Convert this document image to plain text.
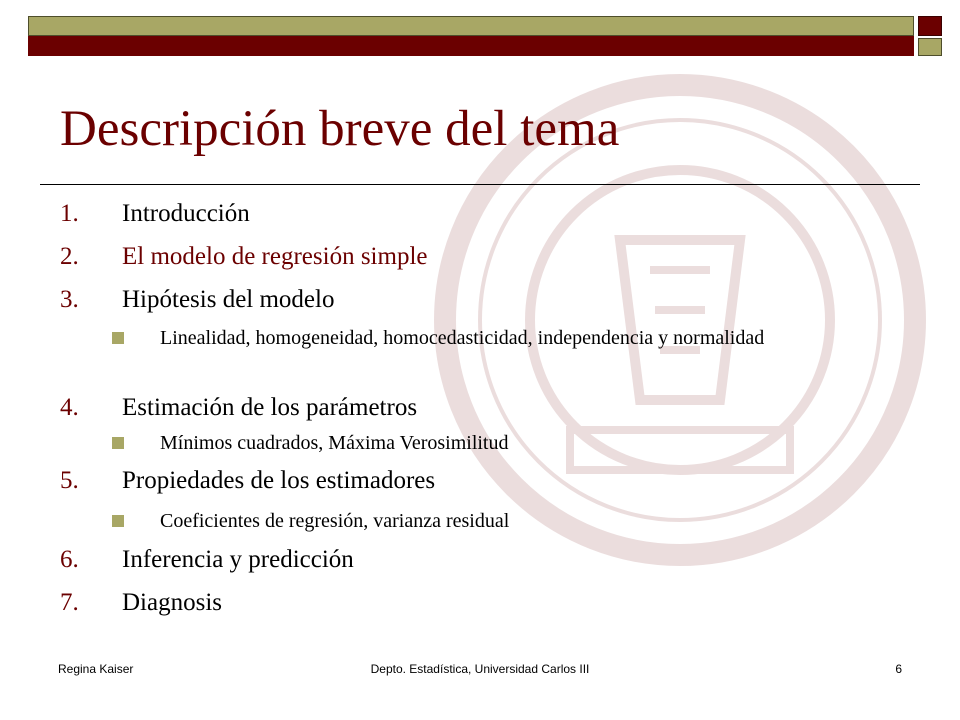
Descripción breve del tema
1. Introducción
2. El modelo de regresión simple
3. Hipótesis del modelo
Linealidad, homogeneidad, homocedasticidad, independencia y normalidad
4. Estimación de los parámetros
Mínimos cuadrados, Máxima Verosimilitud
5. Propiedades de los estimadores
Coeficientes de regresión, varianza residual
6. Inferencia y predicción
7. Diagnosis
Regina Kaiser	Depto. Estadística, Universidad Carlos III	6
